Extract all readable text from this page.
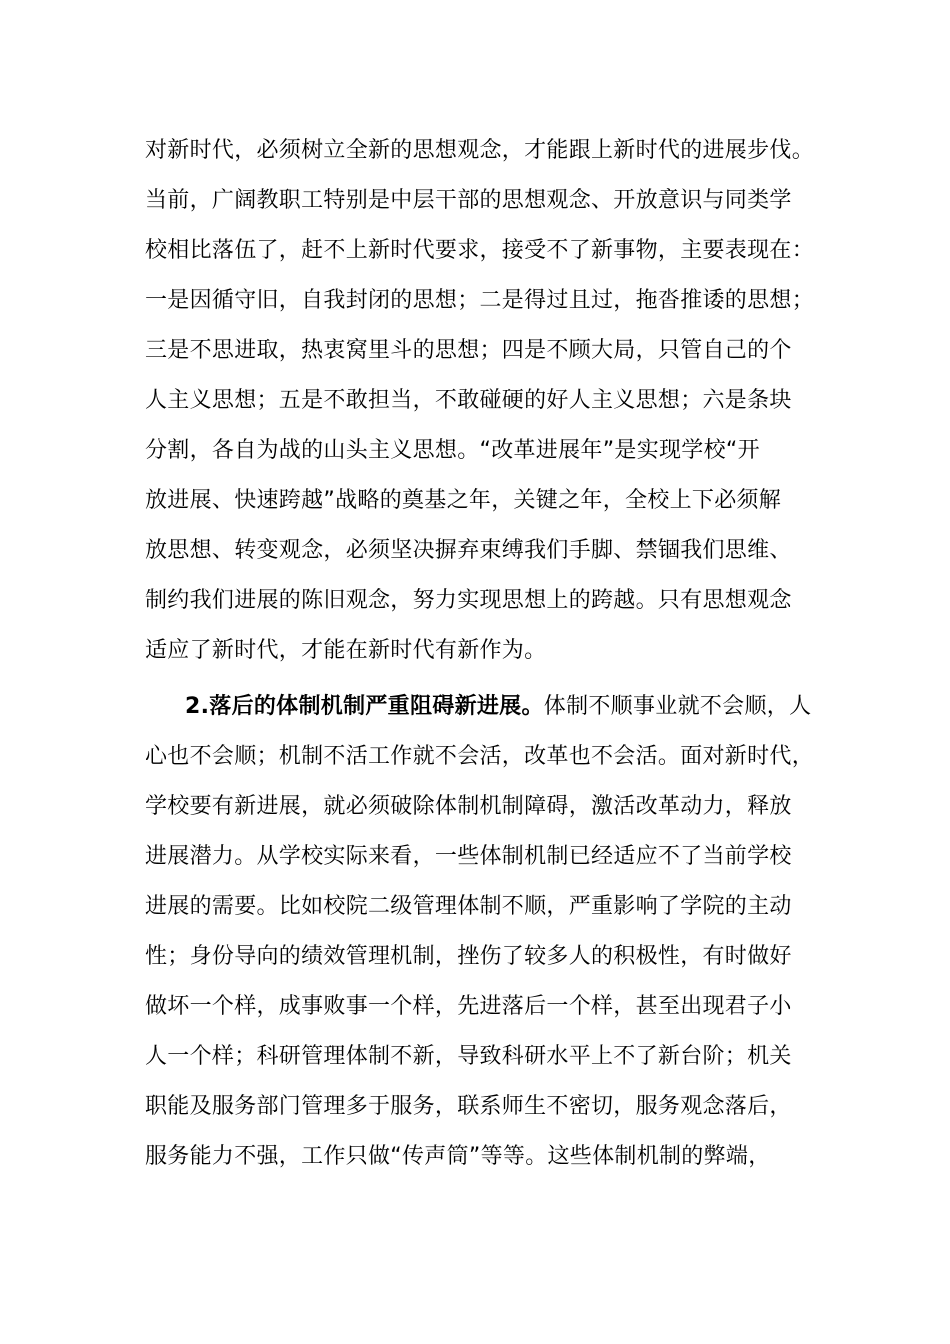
对新时代，必须树立全新的思想观念，才能跟上新时代的进展步伐。
当前，广阔教职工特别是中层干部的思想观念、开放意识与同类学
校相比落伍了，赶不上新时代要求，接受不了新事物，主要表现在：
一是因循守旧，自我封闭的思想；二是得过且过，拖沓推诿的思想；
三是不思进取，热衷窝里斗的思想；四是不顾大局，只管自己的个
人主义思想；五是不敢担当，不敢碰硬的好人主义思想；六是条块
分割，各自为战的山头主义思想。“改革进展年”是实现学校“开
放进展、快速跨越”战略的奠基之年，关键之年，全校上下必须解
放思想、转变观念，必须坚决摒弃束缚我们手脚、禁锢我们思维、
制约我们进展的陈旧观念，努力实现思想上的跨越。只有思想观念
适应了新时代，才能在新时代有新作为。
2.落后的体制机制严重阻碍新进展。体制不顺事业就不会顺，人
心也不会顺；机制不活工作就不会活，改革也不会活。面对新时代，
学校要有新进展，就必须破除体制机制障碍，激活改革动力，释放
进展潜力。从学校实际来看，一些体制机制已经适应不了当前学校
进展的需要。比如校院二级管理体制不顺，严重影响了学院的主动
性；身份导向的绩效管理机制，挫伤了较多人的积极性，有时做好
做坏一个样，成事败事一个样，先进落后一个样，甚至出现君子小
人一个样；科研管理体制不新，导致科研水平上不了新台阶；机关
职能及服务部门管理多于服务，联系师生不密切，服务观念落后，
服务能力不强，工作只做“传声筒”等等。这些体制机制的弊端，
